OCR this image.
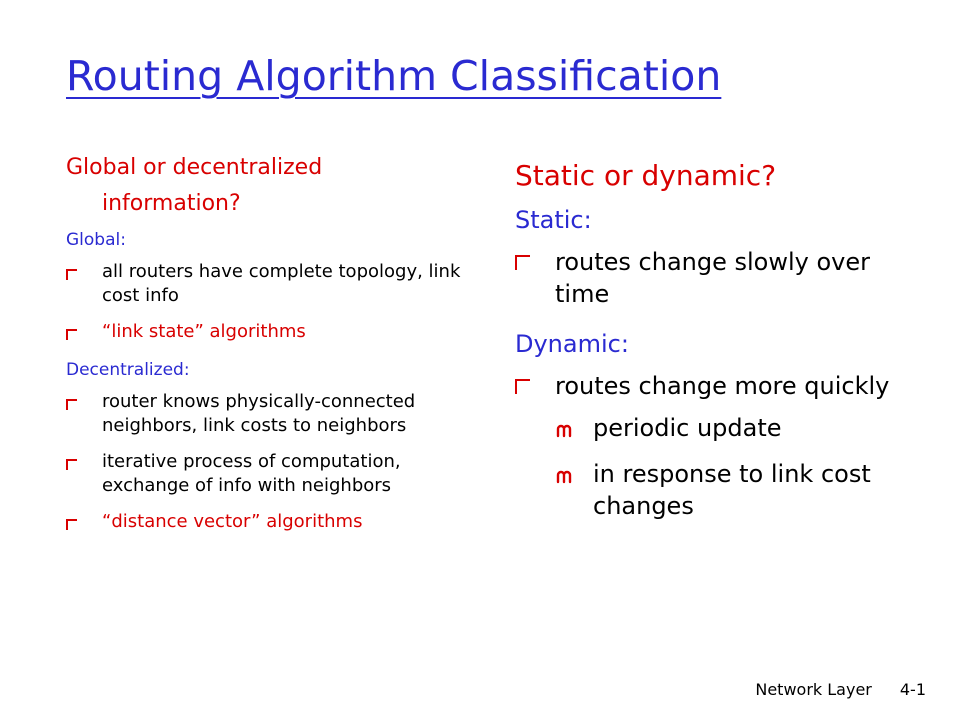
Routing Algorithm Classification
Global or decentralized information?
Global:
all routers have complete topology, link cost info
“link state” algorithms
Decentralized:
router knows physically-connected neighbors, link costs to neighbors
iterative process of computation, exchange of info with neighbors
“distance vector” algorithms
Static or dynamic?
Static:
routes change slowly over time
Dynamic:
routes change more quickly
periodic update
in response to link cost changes
Network Layer 4-1
